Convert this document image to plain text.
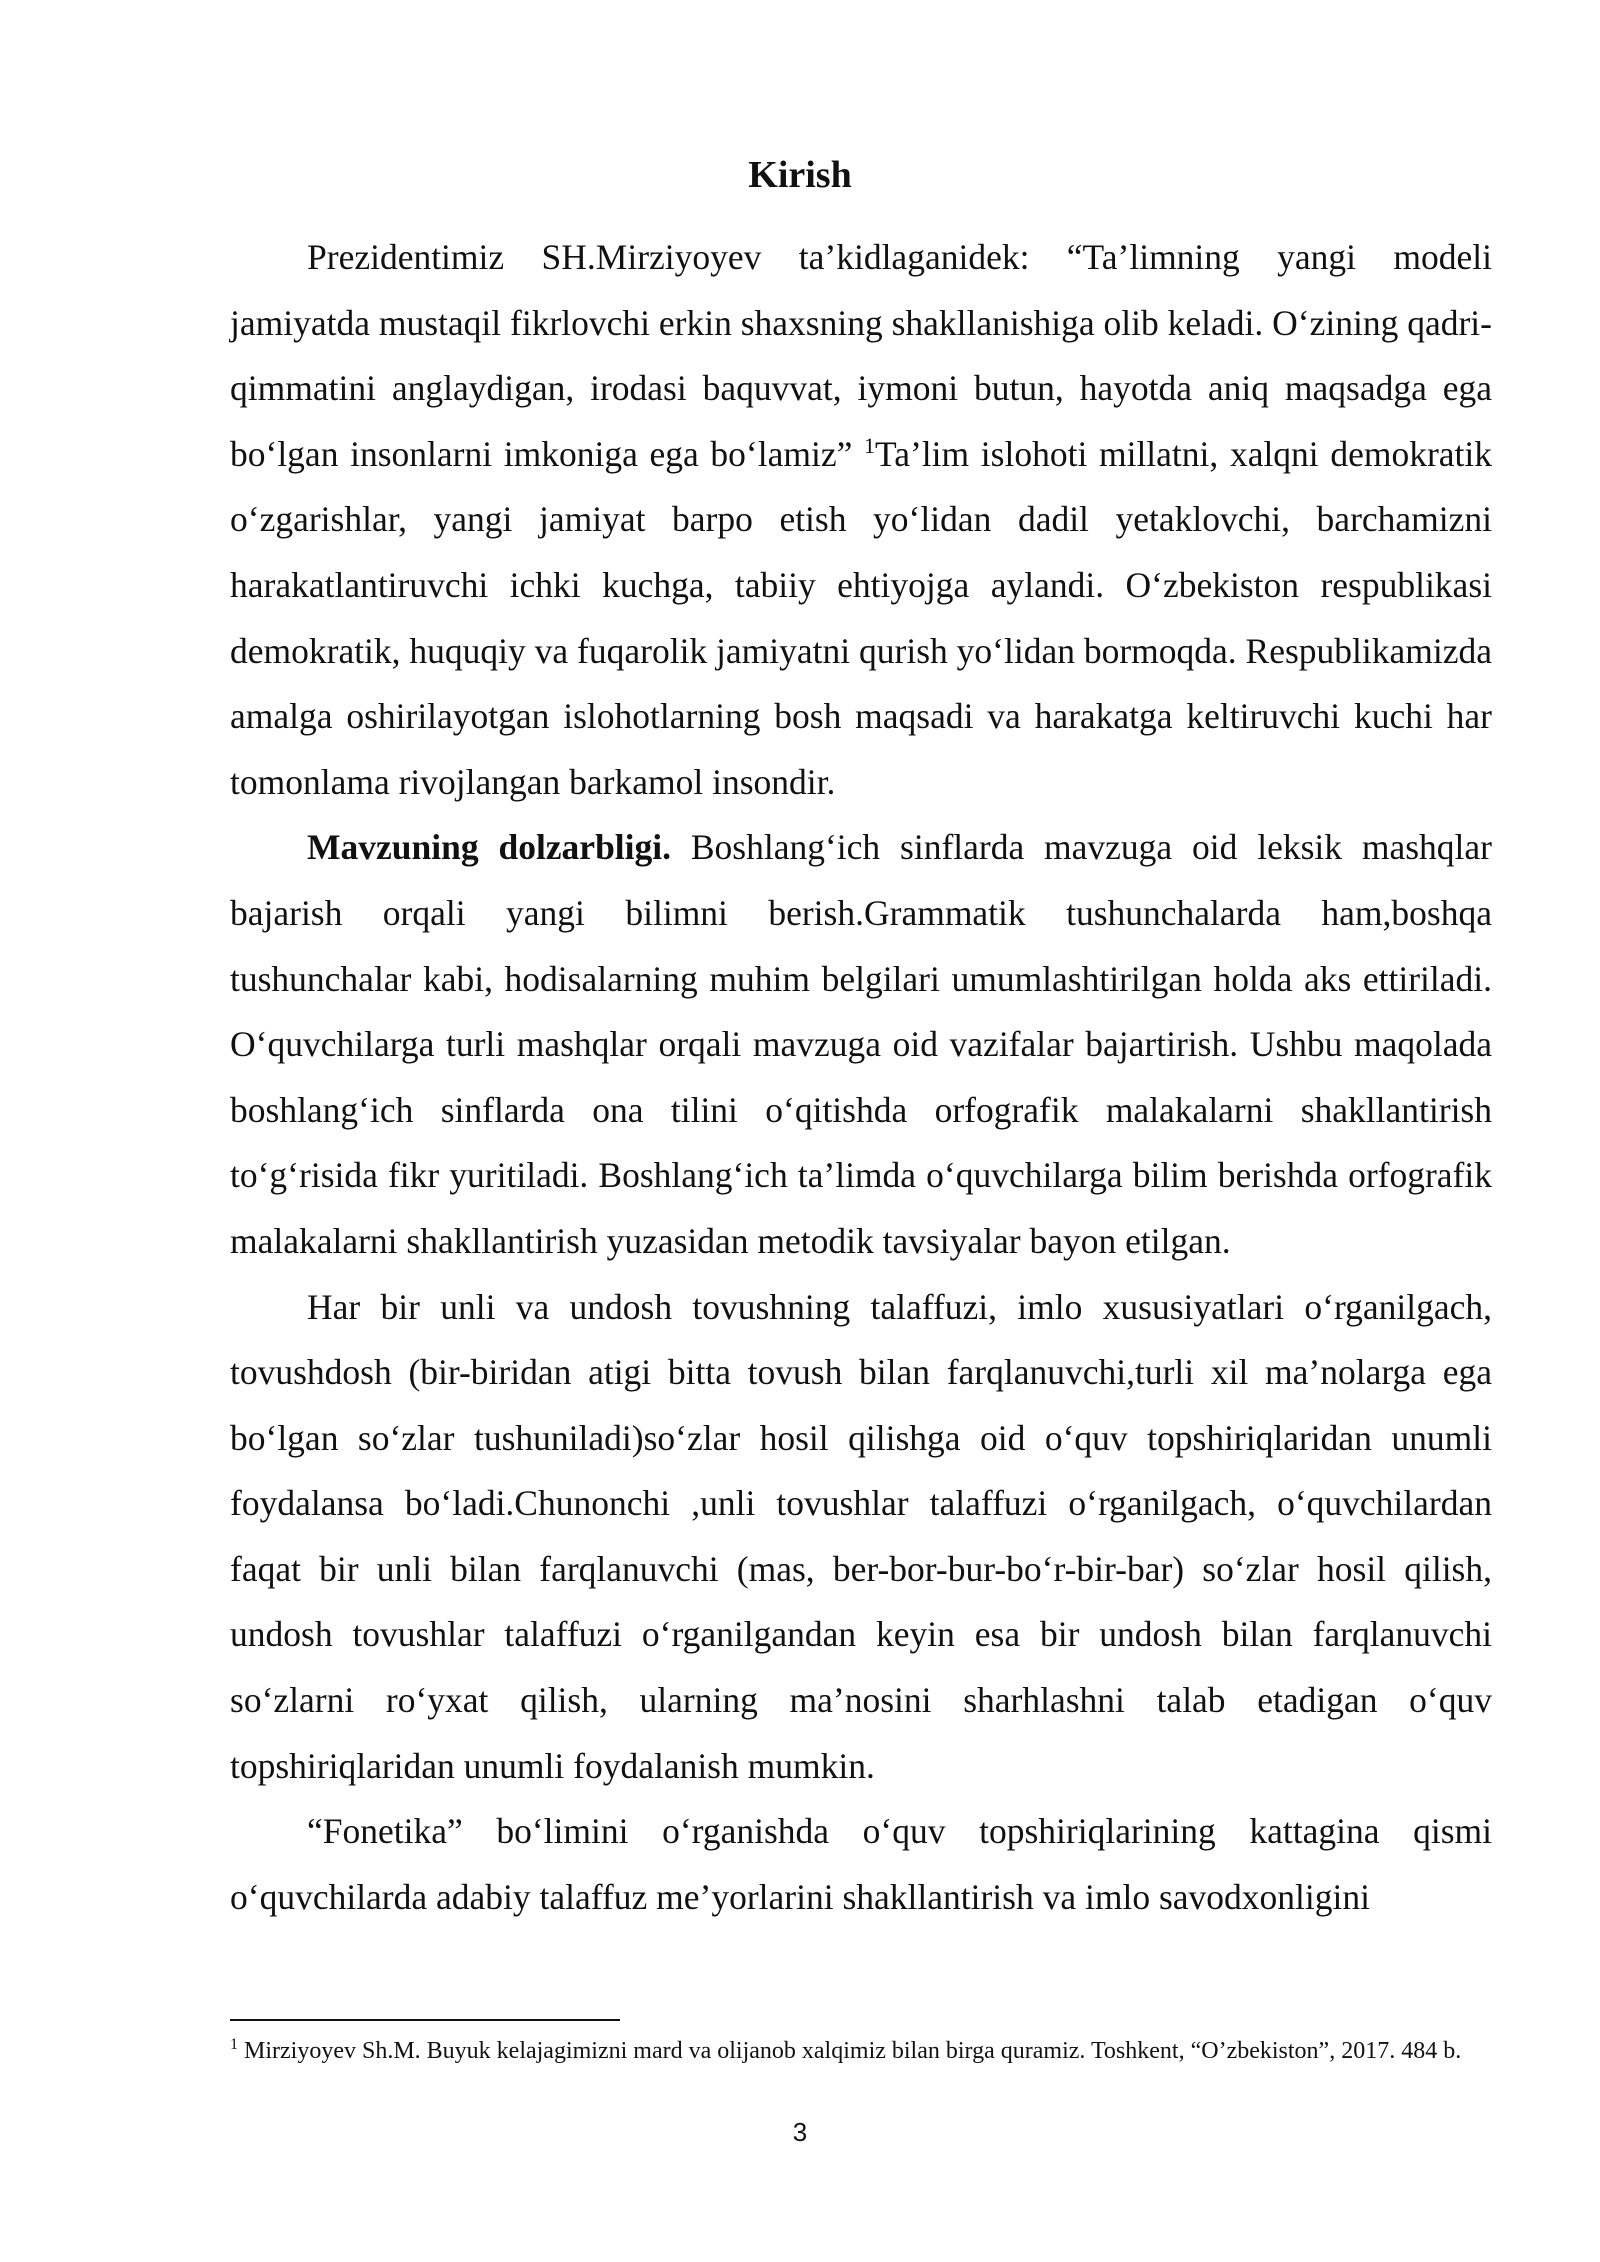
Kirish

Prezidentimiz SH.Mirziyoyev ta’kidlaganidek: “Ta’limning yangi modeli jamiyatda mustaqil fikrlovchi erkin shaxsning shakllanishiga olib keladi. O‘zining qadri-qimmatini anglaydigan, irodasi baquvvat, iymoni butun, hayotda aniq maqsadga ega bo‘lgan insonlarni imkoniga ega bo‘lamiz” $^1$Ta’lim islohoti millatni, xalqni demokratik o‘zgarishlar, yangi jamiyat barpo etish yo‘lidan dadil yetaklovchi, barchamizni harakatlantiruvchi ichki kuchga, tabiiy ehtiyojga aylandi. O‘zbekiston respublikasi demokratik, huquqiy va fuqarolik jamiyatni qurish yo‘lidan bormoqda. Respublikamizda amalga oshirilayotgan islohotlarning bosh maqsadi va harakatga keltiruvchi kuchi har tomonlama rivojlangan barkamol insondir.

Mavzuning dolzarbligi. Boshlang‘ich sinflarda mavzuga oid leksik mashqlar bajarish orqali yangi bilimni berish.Grammatik tushunchalarda ham,boshqa tushunchalar kabi, hodisalarning muhim belgilari umumlashtirilgan holda aks ettiriladi. O‘quvchilarga turli mashqlar orqali mavzuga oid vazifalar bajartirish. Ushbu maqolada boshlang‘ich sinflarda ona tilini o‘qitishda orfografik malakalarni shakllantirish to‘g‘risida fikr yuritiladi. Boshlang‘ich ta’limda o‘quvchilarga bilim berishda orfografik malakalarni shakllantirish yuzasidan metodik tavsiyalar bayon etilgan.

Har bir unli va undosh tovushning talaffuzi, imlo xususiyatlari o‘rganilgach, tovushdosh (bir-biridan atigi bitta tovush bilan farqlanuvchi,turli xil ma’nolarga ega bo‘lgan so‘zlar tushuniladi)so‘zlar hosil qilishga oid o‘quv topshiriqlaridan unumli foydalansa bo‘ladi.Chunonchi ,unli tovushlar talaffuzi o‘rganilgach, o‘quvchilardan faqat bir unli bilan farqlanuvchi (mas, ber-bor-bur-bo‘r-bir-bar) so‘zlar hosil qilish, undosh tovushlar talaffuzi o‘rganilgandan keyin esa bir undosh bilan farqlanuvchi so‘zlarni ro‘yxat qilish, ularning ma’nosini sharhlashni talab etadigan o‘quv topshiriqlaridan unumli foydalanish mumkin.

“Fonetika” bo‘limini o‘rganishda o‘quv topshiriqlarining kattagina qismi o‘quvchilarda adabiy talaffuz me’yorlarini shakllantirish va imlo savodxonligini

$^1$ Mirziyoyev Sh.M. Buyuk kelajagimizni mard va olijanob xalqimiz bilan birga quramiz. Toshkent, “O’zbekiston”, 2017. 484 b.

3
